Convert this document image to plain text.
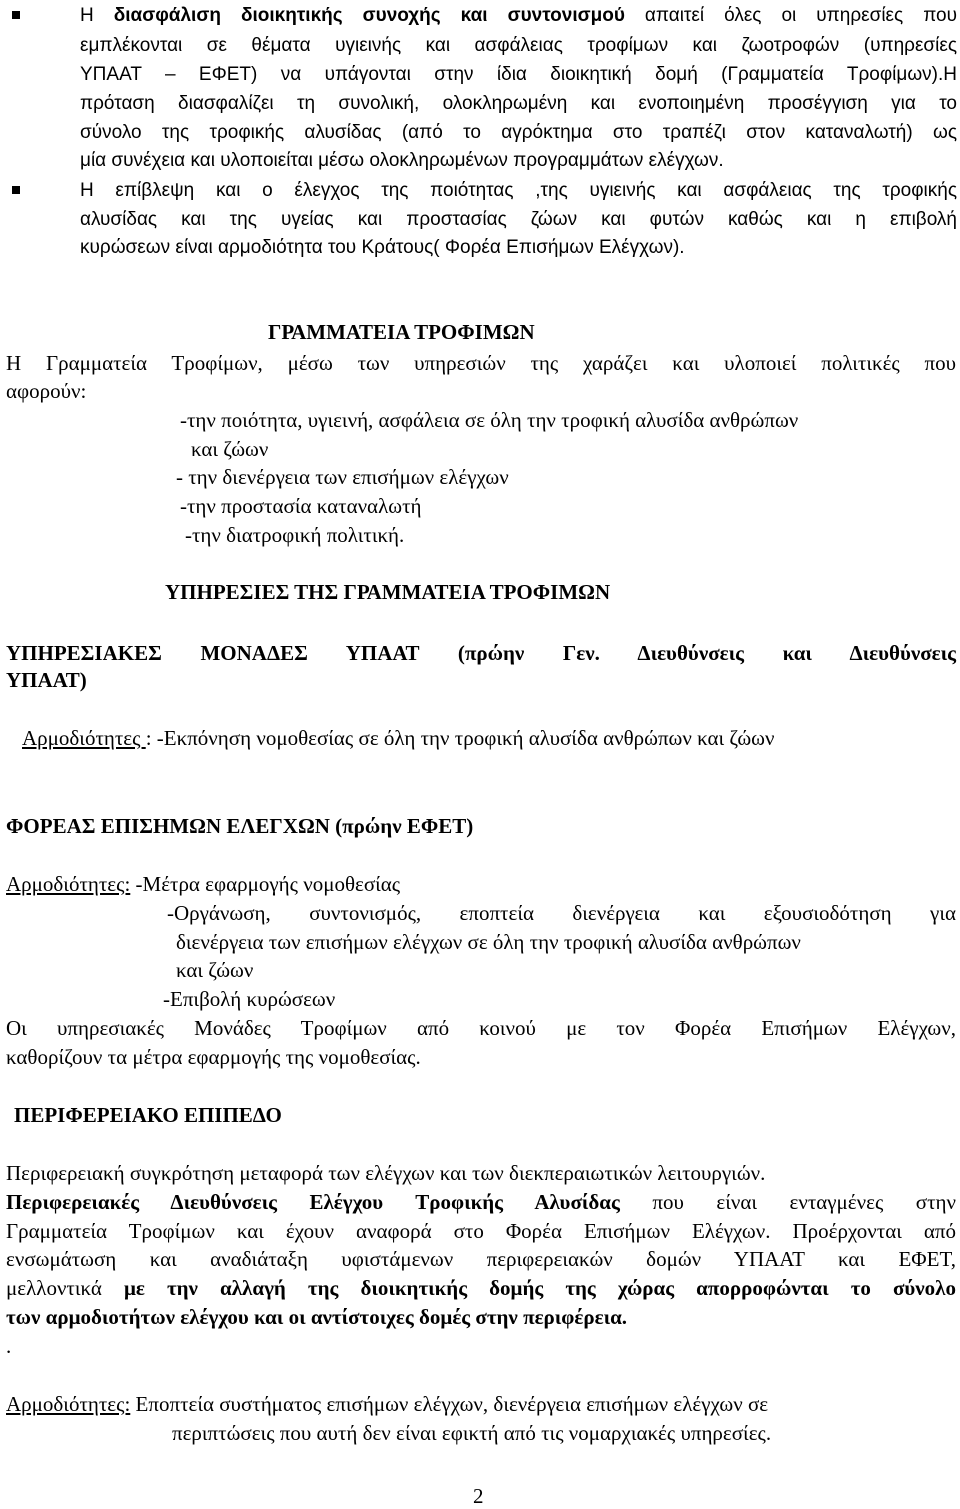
Η διασφάλιση διοικητικής συνοχής και συντονισμού απαιτεί όλες οι υπηρεσίες που
εμπλέκονται σε θέματα υγιεινής και ασφάλειας τροφίμων και ζωοτροφών (υπηρεσίες
ΥΠΑΑΤ – ΕΦΕΤ) να υπάγονται στην ίδια διοικητική δομή (Γραμματεία Τροφίμων).Η
πρόταση διασφαλίζει τη συνολική, ολοκληρωμένη και ενοποιημένη προσέγγιση για το
σύνολο της τροφικής αλυσίδας (από το αγρόκτημα στο τραπέζι στον καταναλωτή) ως
μία συνέχεια και υλοποιείται μέσω ολοκληρωμένων προγραμμάτων ελέγχων.
Η επίβλεψη και ο έλεγχος της ποιότητας ,της υγιεινής και ασφάλειας της τροφικής
αλυσίδας και της υγείας και προστασίας ζώων και φυτών καθώς και η επιβολή
κυρώσεων είναι αρμοδιότητα του Κράτους( Φορέα Επισήμων Ελέγχων).
ΓΡΑΜΜΑΤΕΙΑ ΤΡΟΦΙΜΩΝ
Η Γραμματεία Τροφίμων, μέσω των υπηρεσιών της χαράζει και υλοποιεί πολιτικές που
αφορούν:
-την ποιότητα, υγιεινή, ασφάλεια σε όλη την τροφική αλυσίδα ανθρώπων
και ζώων
- την διενέργεια των επισήμων ελέγχων
-την προστασία καταναλωτή
-την διατροφική πολιτική.
ΥΠΗΡΕΣΙΕΣ ΤΗΣ ΓΡΑΜΜΑΤΕΙΑ ΤΡΟΦΙΜΩΝ
ΥΠΗΡΕΣΙΑΚΕΣ ΜΟΝΑΔΕΣ ΥΠΑΑΤ (πρώην Γεν. Διευθύνσεις και Διευθύνσεις
ΥΠΑΑΤ)
Αρμοδιότητες : -Εκπόνηση νομοθεσίας σε όλη την τροφική αλυσίδα ανθρώπων και ζώων
ΦΟΡΕΑΣ ΕΠΙΣΗΜΩΝ ΕΛΕΓΧΩΝ (πρώην ΕΦΕΤ)
Αρμοδιότητες: -Μέτρα εφαρμογής νομοθεσίας
-Οργάνωση, συντονισμός, εποπτεία διενέργεια και εξουσιοδότηση για
διενέργεια των επισήμων ελέγχων σε όλη την τροφική αλυσίδα ανθρώπων
και ζώων
-Επιβολή κυρώσεων
Οι υπηρεσιακές Μονάδες Τροφίμων από κοινού με τον Φορέα Επισήμων Ελέγχων,
καθορίζουν τα μέτρα εφαρμογής της νομοθεσίας.
ΠΕΡΙΦΕΡΕΙΑΚΟ ΕΠΙΠΕΔΟ
Περιφερειακή συγκρότηση μεταφορά των ελέγχων και των διεκπεραιωτικών λειτουργιών.
Περιφερειακές Διευθύνσεις Ελέγχου Τροφικής Αλυσίδας που είναι ενταγμένες στην
Γραμματεία Τροφίμων και έχουν αναφορά στο Φορέα Επισήμων Ελέγχων. Προέρχονται από
ενσωμάτωση και αναδιάταξη υφιστάμενων περιφερειακών δομών ΥΠΑΑΤ και ΕΦΕΤ,
μελλοντικά με την αλλαγή της διοικητικής δομής της χώρας απορροφώνται το σύνολο
των αρμοδιοτήτων ελέγχου και οι αντίστοιχες δομές στην περιφέρεια.
.
Αρμοδιότητες: Εποπτεία συστήματος επισήμων ελέγχων, διενέργεια επισήμων ελέγχων σε
περιπτώσεις που αυτή δεν είναι εφικτή από τις νομαρχιακές υπηρεσίες.
2
